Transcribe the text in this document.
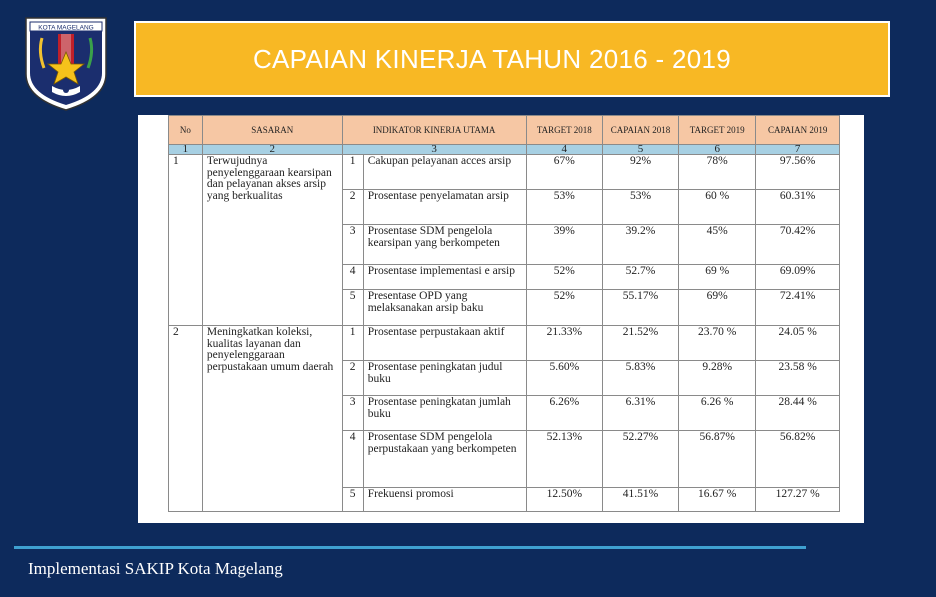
KOTA MAGELANG
CAPAIAN KINERJA TAHUN 2016 - 2019
No	SASARAN	INDIKATOR KINERJA UTAMA		TARGET 2018	CAPAIAN 2018	TARGET 2019	CAPAIAN 2019
1	2	3		4	5	6	7
1	Terwujudnya penyelenggaraan kearsipan dan pelayanan akses arsip yang berkualitas	1	Cakupan pelayanan acces arsip	67%	92%	78%	97.56%
		2	Prosentase penyelamatan arsip	53%	53%	60 %	60.31%
		3	Prosentase SDM pengelola kearsipan yang berkompeten	39%	39.2%	45%	70.42%
		4	Prosentase implementasi e arsip	52%	52.7%	69 %	69.09%
		5	Presentase OPD yang melaksanakan arsip baku	52%	55.17%	69%	72.41%
2	Meningkatkan koleksi, kualitas layanan dan penyelenggaraan perpustakaan umum daerah	1	Prosentase perpustakaan aktif	21.33%	21.52%	23.70 %	24.05 %
		2	Prosentase peningkatan judul buku	5.60%	5.83%	9.28%	23.58 %
		3	Prosentase peningkatan jumlah buku	6.26%	6.31%	6.26 %	28.44 %
		4	Prosentase SDM pengelola perpustakaan yang berkompeten	52.13%	52.27%	56.87%	56.82%
		5	Frekuensi promosi	12.50%	41.51%	16.67 %	127.27 %
Implementasi SAKIP Kota Magelang
